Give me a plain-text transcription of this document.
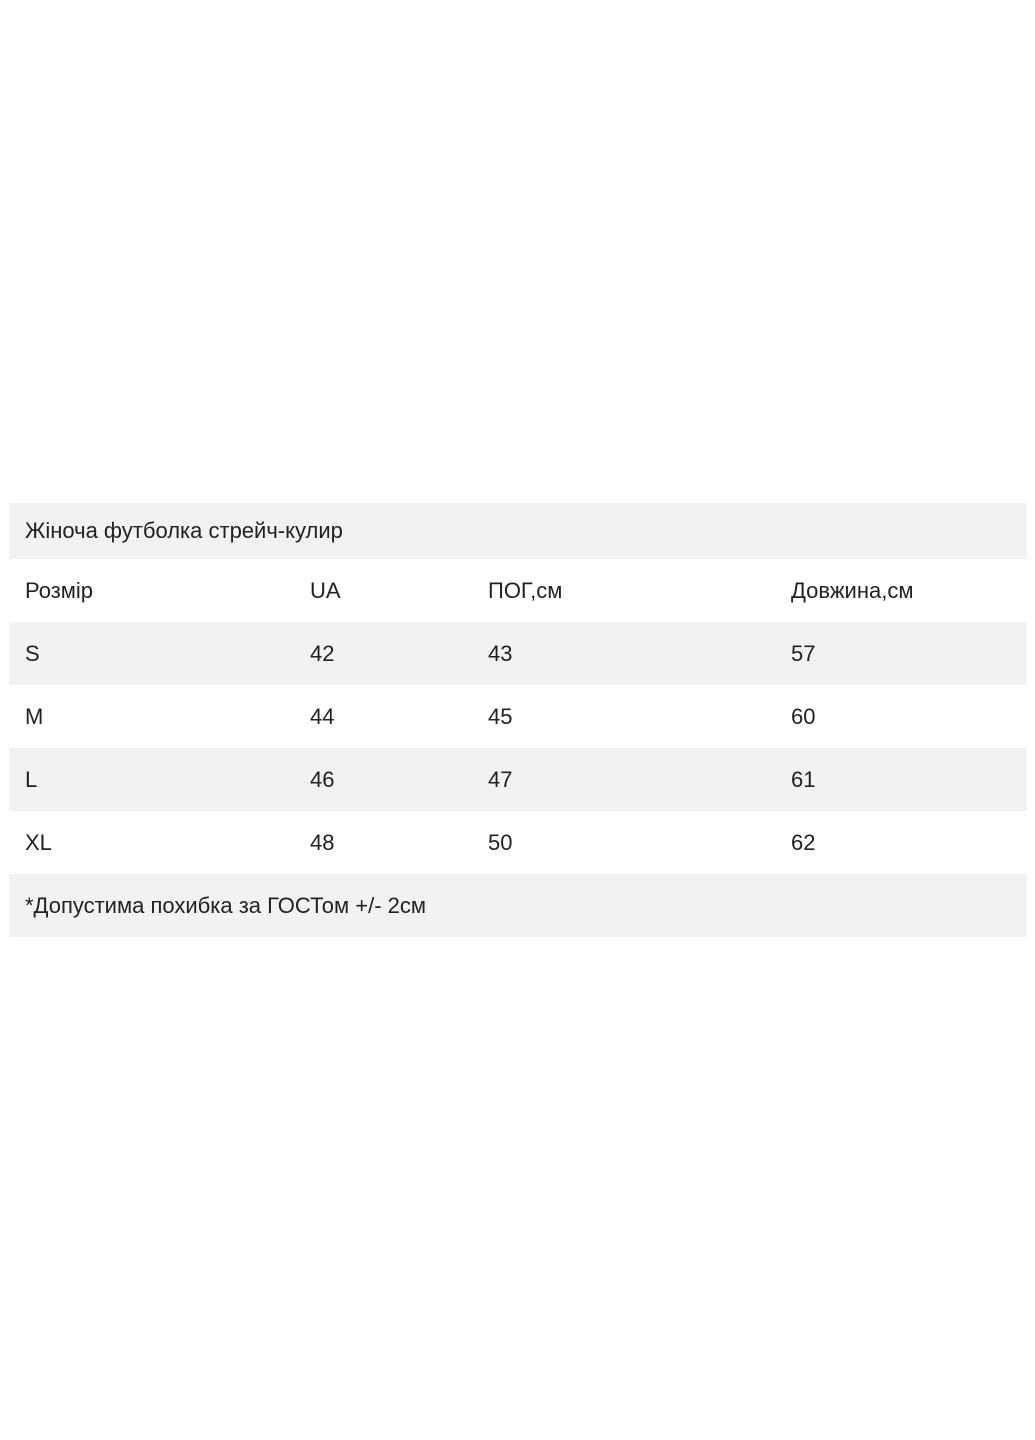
Жіноча футболка стрейч-кулир
Розмір	UA	ПОГ,см	Довжина,см
S	42	43	57
M	44	45	60
L	46	47	61
XL	48	50	62
*Допустима похибка за ГОСТом +/- 2см
